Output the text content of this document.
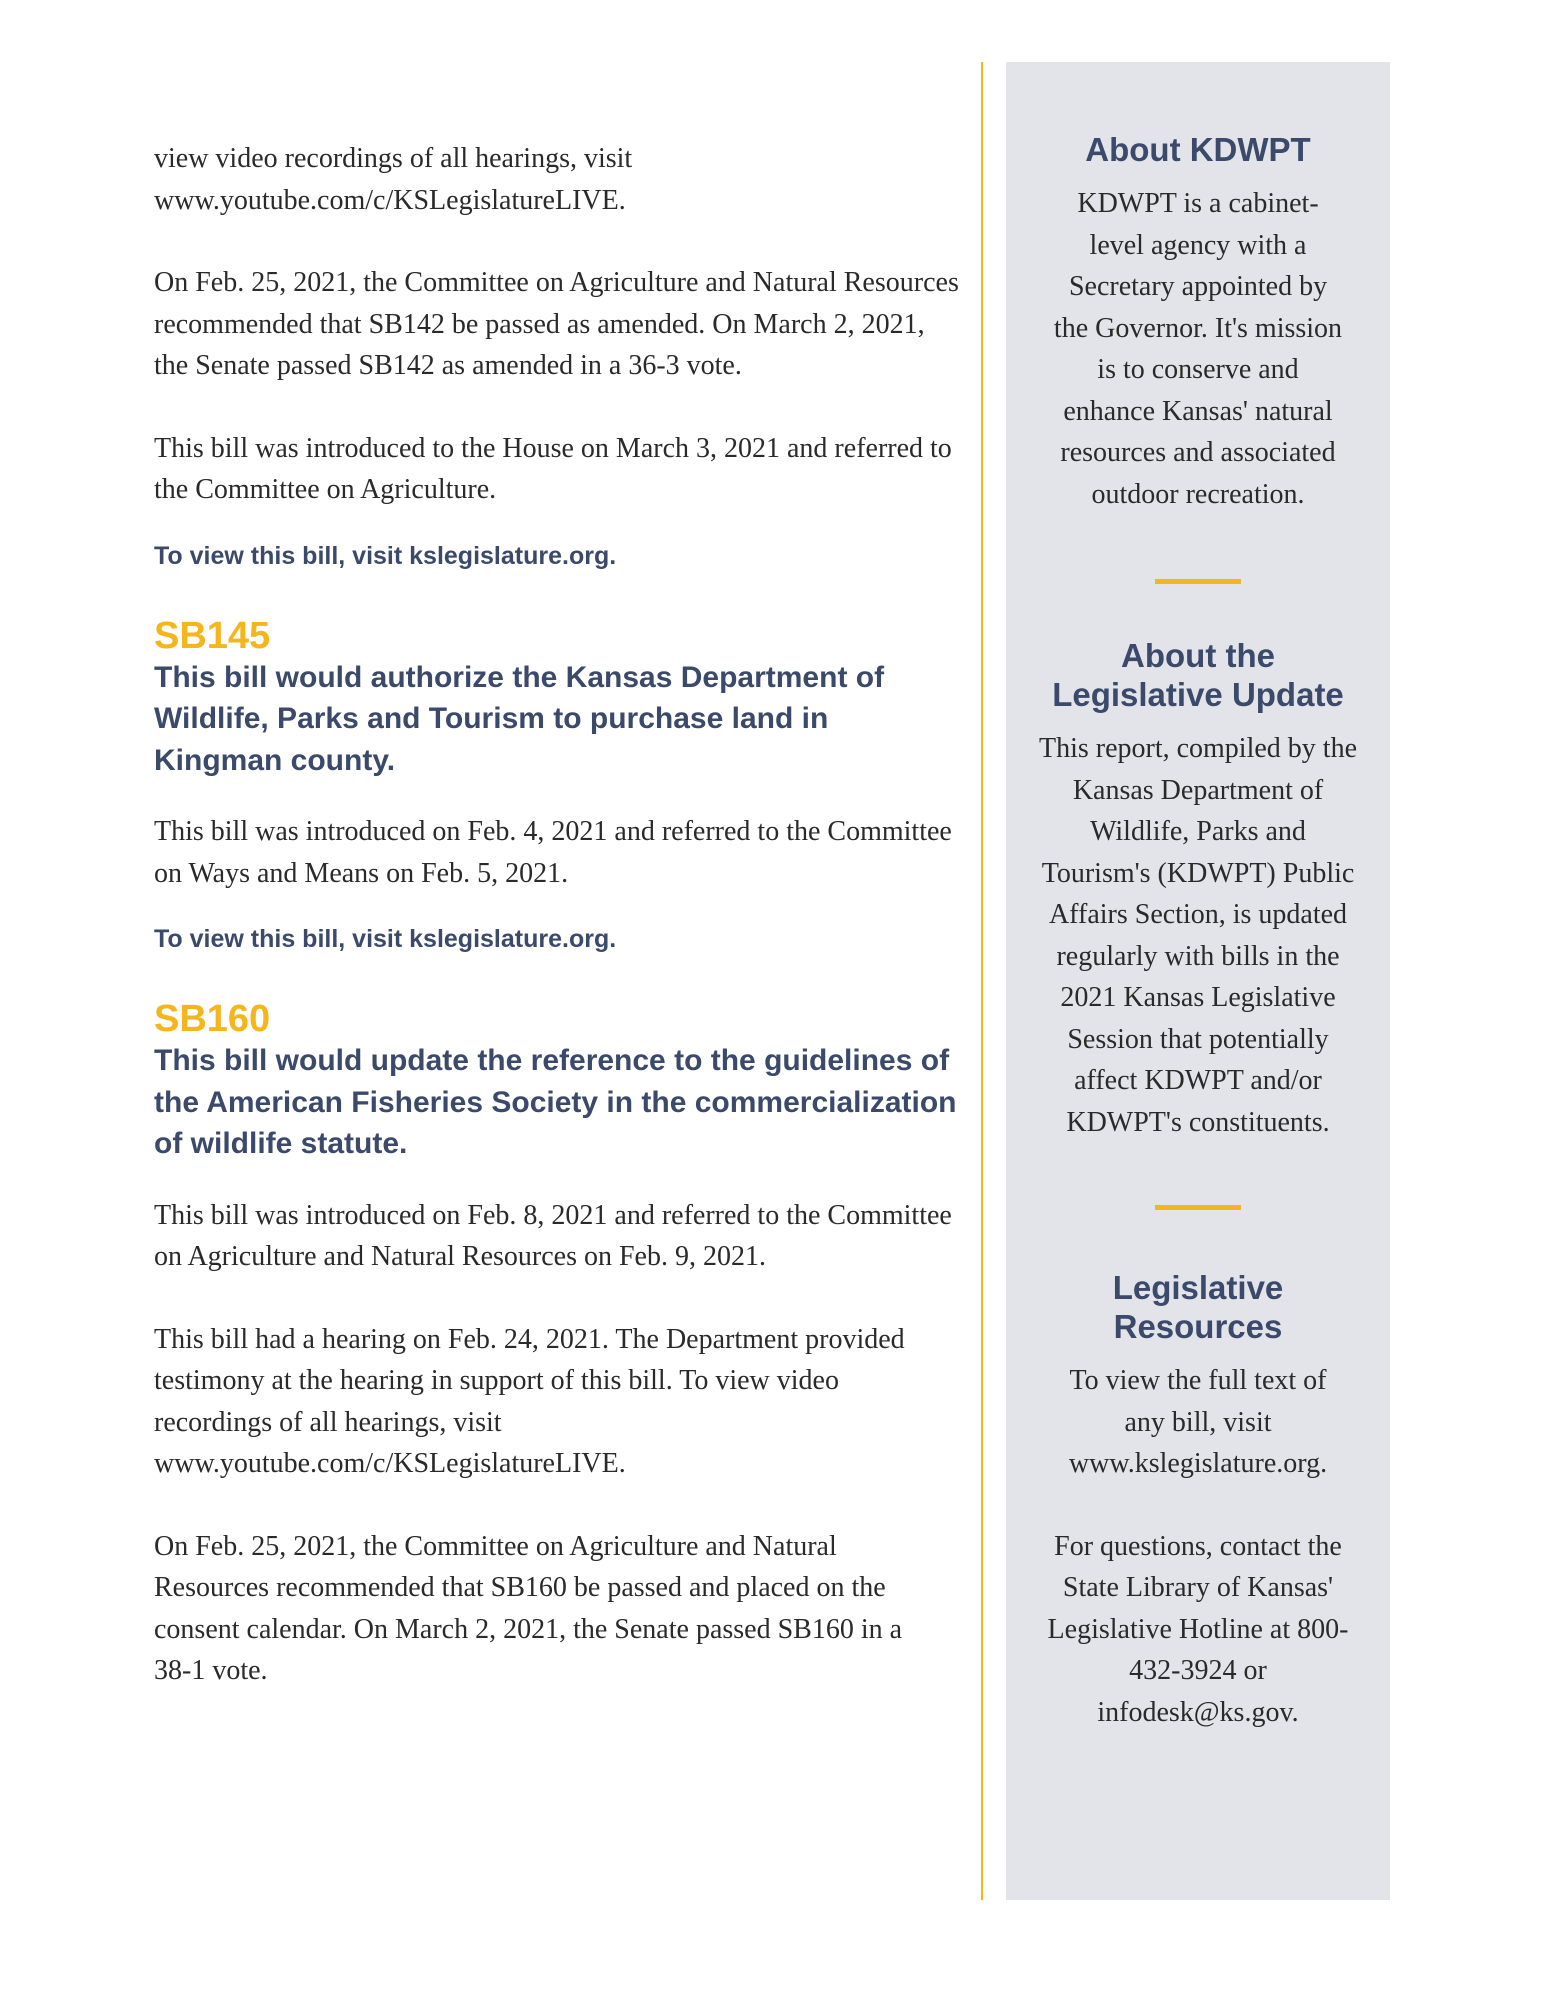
view video recordings of all hearings, visit www.youtube.com/c/KSLegislatureLIVE.

On Feb. 25, 2021, the Committee on Agriculture and Natural Resources recommended that SB142 be passed as amended. On March 2, 2021, the Senate passed SB142 as amended in a 36-3 vote.

This bill was introduced to the House on March 3, 2021 and referred to the Committee on Agriculture.

To view this bill, visit kslegislature.org.

SB145
This bill would authorize the Kansas Department of Wildlife, Parks and Tourism to purchase land in Kingman county.

This bill was introduced on Feb. 4, 2021 and referred to the Committee on Ways and Means on Feb. 5, 2021.

To view this bill, visit kslegislature.org.

SB160
This bill would update the reference to the guidelines of the American Fisheries Society in the commercialization of wildlife statute.

This bill was introduced on Feb. 8, 2021 and referred to the Committee on Agriculture and Natural Resources on Feb. 9, 2021.

This bill had a hearing on Feb. 24, 2021. The Department provided testimony at the hearing in support of this bill. To view video recordings of all hearings, visit www.youtube.com/c/KSLegislatureLIVE.

On Feb. 25, 2021, the Committee on Agriculture and Natural Resources recommended that SB160 be passed and placed on the consent calendar. On March 2, 2021, the Senate passed SB160 in a 38-1 vote.

About KDWPT

KDWPT is a cabinet-level agency with a Secretary appointed by the Governor. It's mission is to conserve and enhance Kansas' natural resources and associated outdoor recreation.

About the Legislative Update

This report, compiled by the Kansas Department of Wildlife, Parks and Tourism's (KDWPT) Public Affairs Section, is updated regularly with bills in the 2021 Kansas Legislative Session that potentially affect KDWPT and/or KDWPT's constituents.

Legislative Resources

To view the full text of any bill, visit www.kslegislature.org.

For questions, contact the State Library of Kansas' Legislative Hotline at 800-432-3924 or infodesk@ks.gov.
